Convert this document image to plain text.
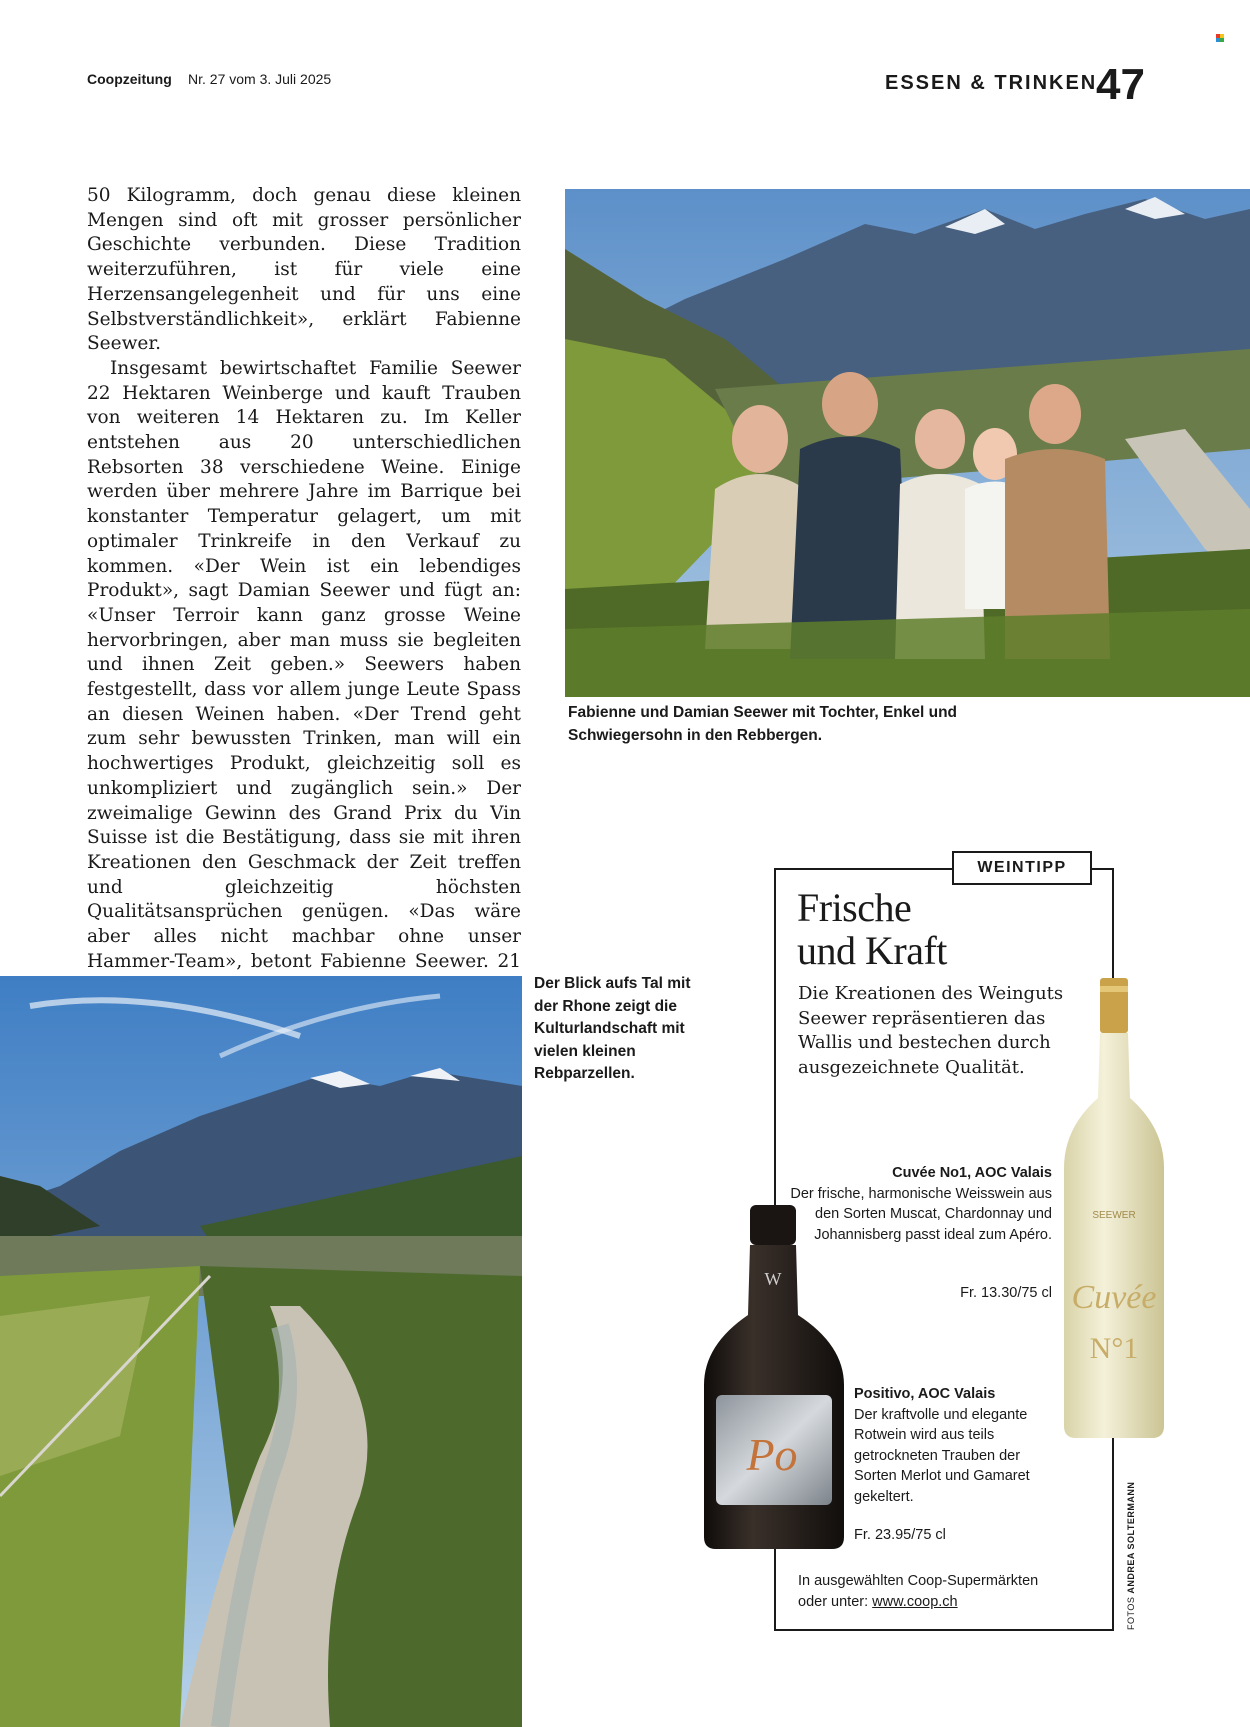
Coopzeitung Nr. 27 vom 3. Juli 2025	ESSEN & TRINKEN
47

50 Kilogramm, doch genau diese kleinen Mengen sind oft mit grosser persönlicher Geschichte verbunden. Diese Tradition weiterzuführen, ist für viele eine Herzensangelegenheit und für uns eine Selbstverständlichkeit», erklärt Fabienne Seewer.

Insgesamt bewirtschaftet Familie Seewer 22 Hektaren Weinberge und kauft Trauben von weiteren 14 Hektaren zu. Im Keller entstehen aus 20 unterschiedlichen Rebsorten 38 verschiedene Weine. Einige werden über mehrere Jahre im Barrique bei konstanter Temperatur gelagert, um mit optimaler Trinkreife in den Verkauf zu kommen. «Der Wein ist ein lebendiges Produkt», sagt Damian Seewer und fügt an: «Unser Terroir kann ganz grosse Weine hervorbringen, aber man muss sie begleiten und ihnen Zeit geben.» Seewers haben festgestellt, dass vor allem junge Leute Spass an diesen Weinen haben. «Der Trend geht zum sehr bewussten Trinken, man will ein hochwertiges Produkt, gleichzeitig soll es unkompliziert und zugänglich sein.» Der zweimalige Gewinn des Grand Prix du Vin Suisse ist die Bestätigung, dass sie mit ihren Kreationen den Geschmack der Zeit treffen und gleichzeitig höchsten Qualitätsansprüchen genügen. «Das wäre aber alles nicht machbar ohne unser Hammer-Team», betont Fabienne Seewer. 21

Fabienne und Damian Seewer mit Tochter, Enkel und Schwiegersohn in den Rebbergen.
Der Blick aufs Tal mit der Rhone zeigt die Kulturlandschaft mit vielen kleinen Rebparzellen.
WEINTIPP
Frische
und Kraft
Die Kreationen des Weinguts Seewer repräsentieren das Wallis und bestechen durch ausgezeichnete Qualität.
Cuvée No1, AOC Valais
Der frische, harmonische Weisswein aus den Sorten Muscat, Chardonnay und Johannisberg passt ideal zum Apéro.
Fr. 13.30/75 cl
Positivo, AOC Valais
Der kraftvolle und elegante Rotwein wird aus teils getrockneten Trauben der Sorten Merlot und Gamaret gekeltert.
Fr. 23.95/75 cl
In ausgewählten Coop-Supermärkten oder unter: www.coop.ch	FOTOS ANDREA SOLTERMANN
SEEWER
Cuvée
N°1
W
Po
